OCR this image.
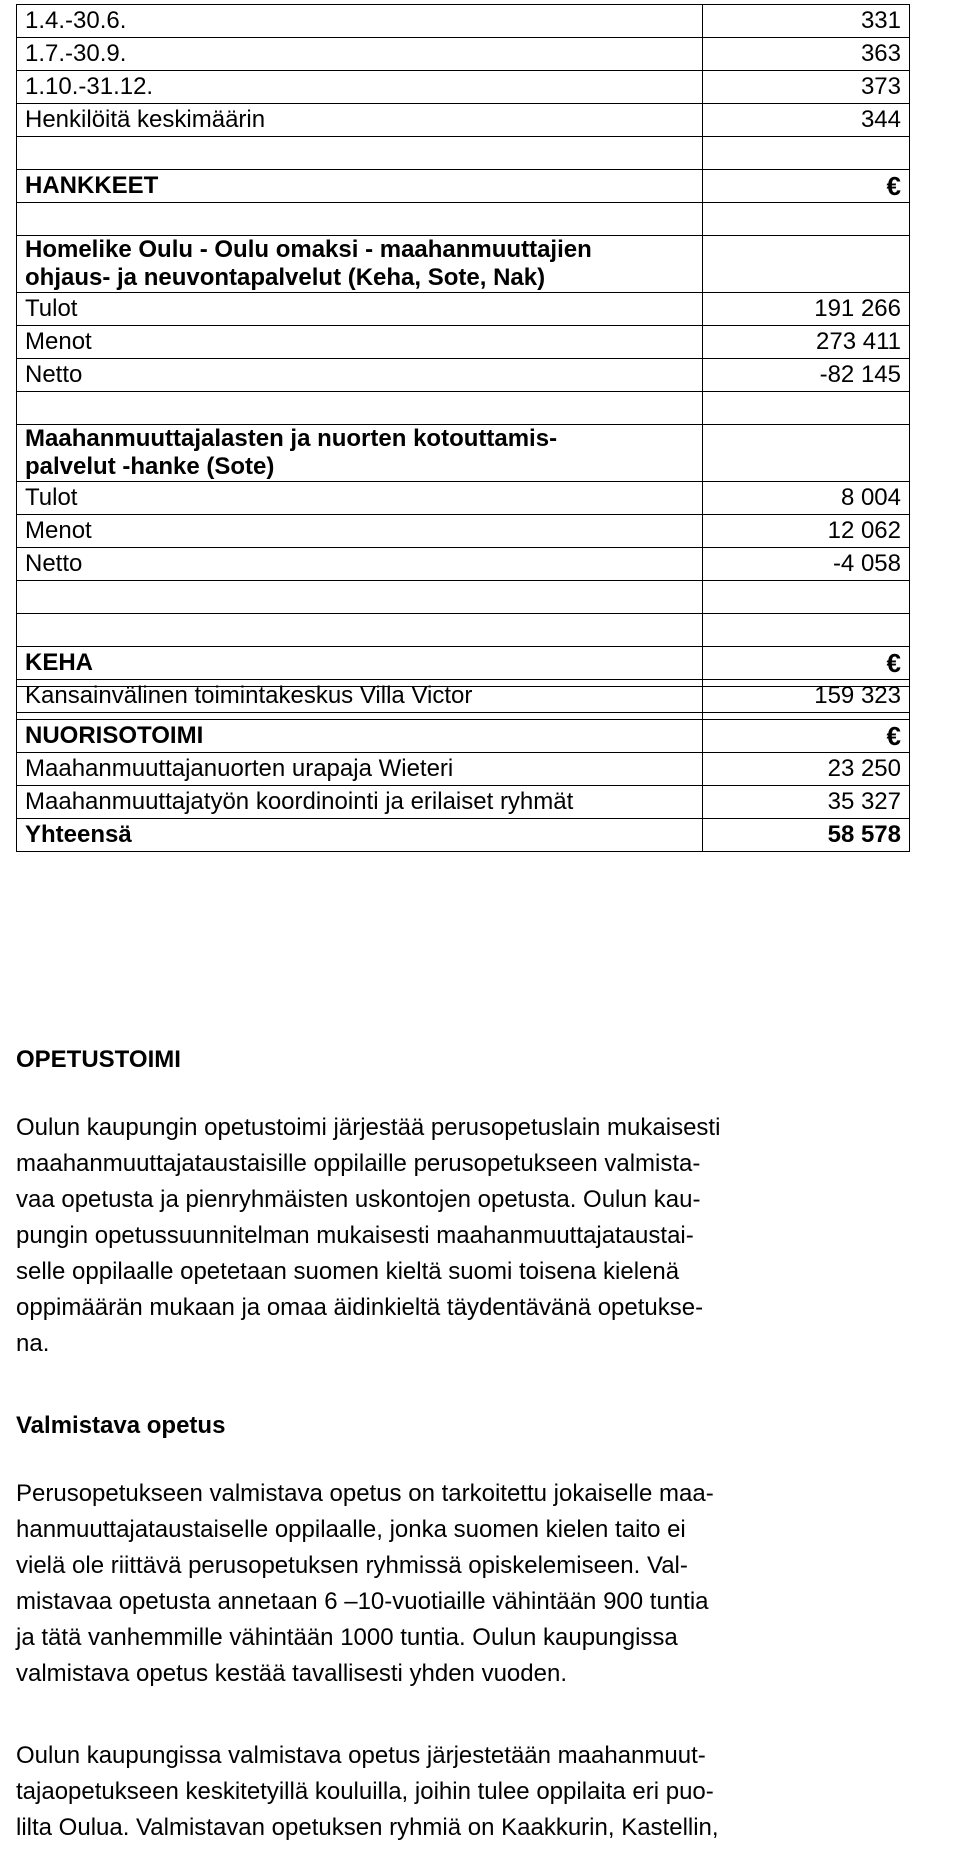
1.4.-30.6.	331
1.7.-30.9.	363
1.10.-31.12.	373
Henkilöitä keskimäärin	344

HANKKEET	€

Homelike Oulu - Oulu omaksi - maahanmuuttajien
ohjaus- ja neuvontapalvelut (Keha, Sote, Nak)	

Tulot	191 266
Menot	273 411
Netto	-82 145

Maahanmuuttajalasten ja nuorten kotouttamis-
palvelut -hanke (Sote)	

Tulot	8 004
Menot	12 062
Netto	-4 058

KEHA	€
Kansainvälinen toimintakeskus Villa Victor	159 323

NUORISOTOIMI	€
Maahanmuuttajanuorten urapaja Wieteri	23 250
Maahanmuuttajatyön koordinointi ja erilaiset ryhmät	35 327
Yhteensä	58 578

OPETUSTOIMI

Oulun kaupungin opetustoimi järjestää perusopetuslain mukaisesti
maahanmuuttajataustaisille oppilaille perusopetukseen valmista-
vaa opetusta ja pienryhmäisten uskontojen opetusta. Oulun kau-
pungin opetussuunnitelman mukaisesti maahanmuuttajataustai-
selle oppilaalle opetetaan suomen kieltä suomi toisena kielenä
oppimäärän mukaan ja omaa äidinkieltä täydentävänä opetukse-
na.

Valmistava opetus

Perusopetukseen valmistava opetus on tarkoitettu jokaiselle maa-
hanmuuttajataustaiselle oppilaalle, jonka suomen kielen taito ei
vielä ole riittävä perusopetuksen ryhmissä opiskelemiseen. Val-
mistavaa opetusta annetaan 6 –10-vuotiaille vähintään 900 tuntia
ja tätä vanhemmille vähintään 1000 tuntia. Oulun kaupungissa
valmistava opetus kestää tavallisesti yhden vuoden.
Oulun kaupungissa valmistava opetus järjestetään maahanmuut-
tajaopetukseen keskitetyillä kouluilla, joihin tulee oppilaita eri puo-
lilta Oulua. Valmistavan opetuksen ryhmiä on Kaakkurin, Kastellin,
